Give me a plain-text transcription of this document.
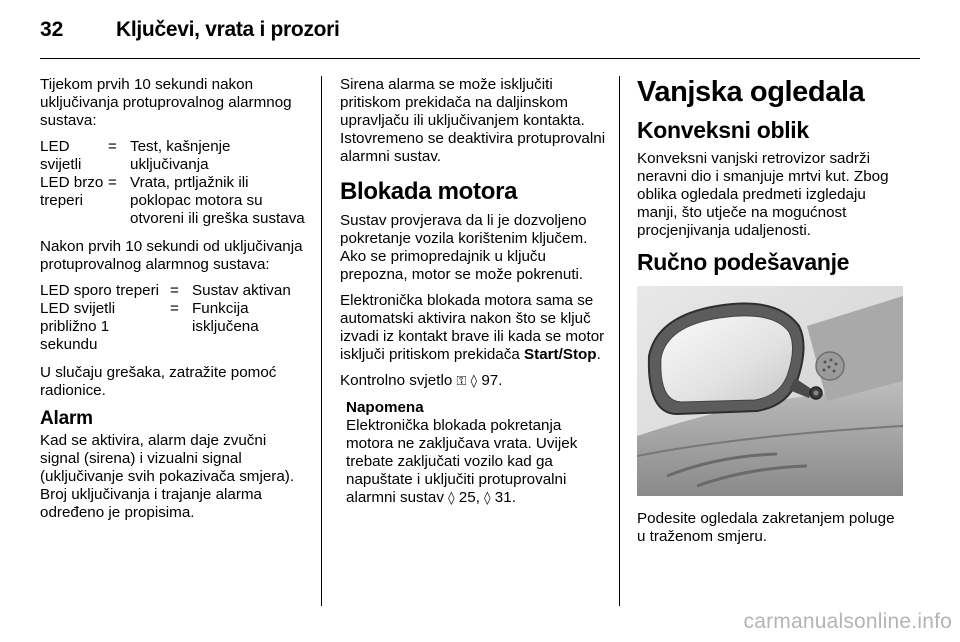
32	Ključevi, vrata i prozori

Tijekom prvih 10 sekundi nakon uključivanja protuprovalnog alarmnog sustava:

LED svijetli
= Test, kašnjenje uključivanja
LED brzo treperi
= Vrata, prtljažnik ili poklopac motora su otvoreni ili greška sustava

Nakon prvih 10 sekundi od uključivanja protuprovalnog alarmnog sustava:

LED sporo treperi = Sustav aktivan
LED svijetli približno 1 sekundu
= Funkcija isključena

U slučaju grešaka, zatražite pomoć radionice.

Alarm

Kad se aktivira, alarm daje zvučni signal (sirena) i vizualni signal (uključivanje svih pokazivača smjera). Broj uključivanja i trajanje alarma određeno je propisima.

Sirena alarma se može isključiti pritiskom prekidača na daljinskom upravljaču ili uključivanjem kontakta. Istovremeno se deaktivira protuprovalni alarmni sustav.

Blokada motora

Sustav provjerava da li je dozvoljeno pokretanje vozila korištenim ključem. Ako se primopredajnik u ključu prepozna, motor se može pokrenuti.

Elektronička blokada motora sama se automatski aktivira nakon što se ključ izvadi iz kontakt brave ili kada se motor isključi pritiskom prekidača Start/Stop.

Kontrolno svjetlo ⚿ ◊ 97.

Napomena

Elektronička blokada pokretanja motora ne zaključava vrata. Uvijek trebate zaključati vozilo kad ga napuštate i uključiti protuprovalni alarmni sustav ◊ 25, ◊ 31.

Vanjska ogledala
Konveksni oblik

Konveksni vanjski retrovizor sadrži neravni dio i smanjuje mrtvi kut. Zbog oblika ogledala predmeti izgledaju manji, što utječe na mogućnost procjenjivanja udaljenosti.

Ručno podešavanje

Podesite ogledala zakretanjem poluge u traženom smjeru.

carmanualsonline.info
